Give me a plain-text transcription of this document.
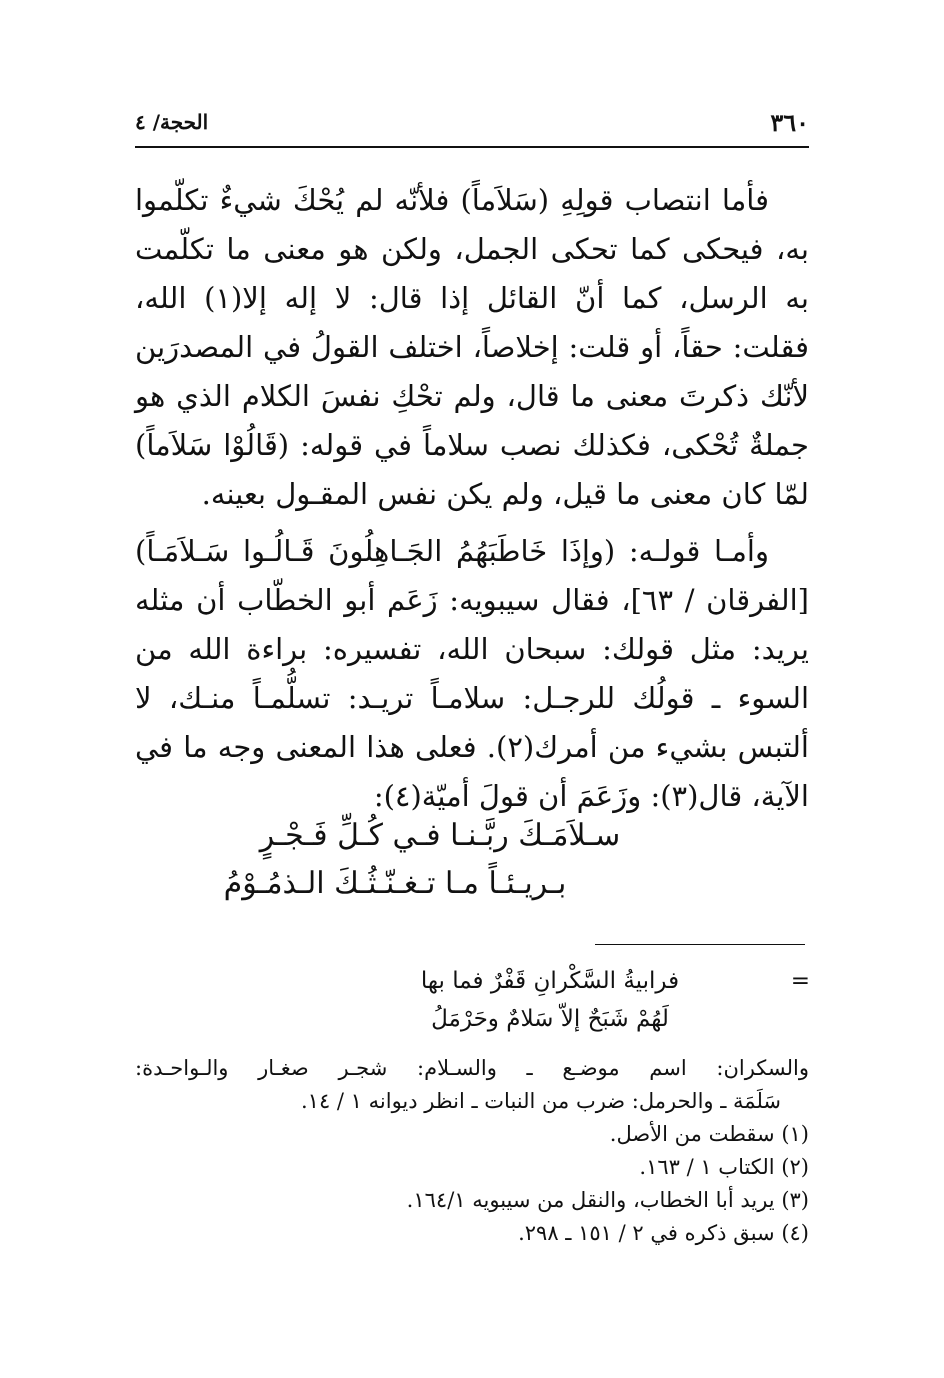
٣٦٠
الحجة/ ٤

فأما انتصاب قولِهِ (سَلاَماً) فلأنّه لم يُحْكَ شيءٌ تكلّموا به، فيحكى كما تحكى الجمل، ولكن هو معنى ما تكلّمت به الرسل، كما أنّ القائل إذا قال: لا إله إلا(١) الله، فقلت: حقاً، أو قلت: إخلاصاً، اختلف القولُ في المصدرَين لأنّك ذكرتَ معنى ما قال، ولم تحْكِ نفسَ الكلام الذي هو جملةٌ تُحْكى، فكذلك نصب سلاماً في قوله: (قَالُوْا سَلاَماً) لمّا كان معنى ما قيل، ولم يكن نفس المقـول بعينه.

وأمـا قولـه: (وإذَا خَاطَبَهُمُ الجَـاهِلُونَ قَـالُـوا سَـلاَمَـاً) [الفرقان / ٦٣]، فقال سيبويه: زَعَم أبو الخطّاب أن مثله يريد: مثل قولك: سبحان الله، تفسيره: براءة الله من السوء ـ قولُك للرجـل: سلامـاً تريـد: تسلُّمـاً منـك، لا ألتبس بشيء من أمرك(٢). فعلى هذا المعنى وجه ما في الآية، قال(٣): وزَعَمَ أن قولَ أميّة(٤):

سـلاَمَـكَ ربَّـنـا فـي كُـلِّ فَـجْـرٍ
بـريـئـاً مـا تـغـنّـثُـكَ الـذمُـوْمُ
=
فرابيةُ السَّكْرانِ قَفْرٌ فما بها
لَهُمْ شَبَحٌ إلاّ سَلامٌ وحَرْمَلُ

والسكران: اسم موضـع ـ والسـلام: شجـر صغـار والـواحـدة:

سَلَمَة ـ والحرمل: ضرب من النبات ـ انظر ديوانه ١ / ١٤.

(١) سقطت من الأصل.

(٢) الكتاب ١ / ١٦٣.

(٣) يريد أبا الخطاب، والنقل من سيبويه ١٦٤/١.

(٤) سبق ذكره في ٢ / ١٥١ ـ ٢٩٨.
